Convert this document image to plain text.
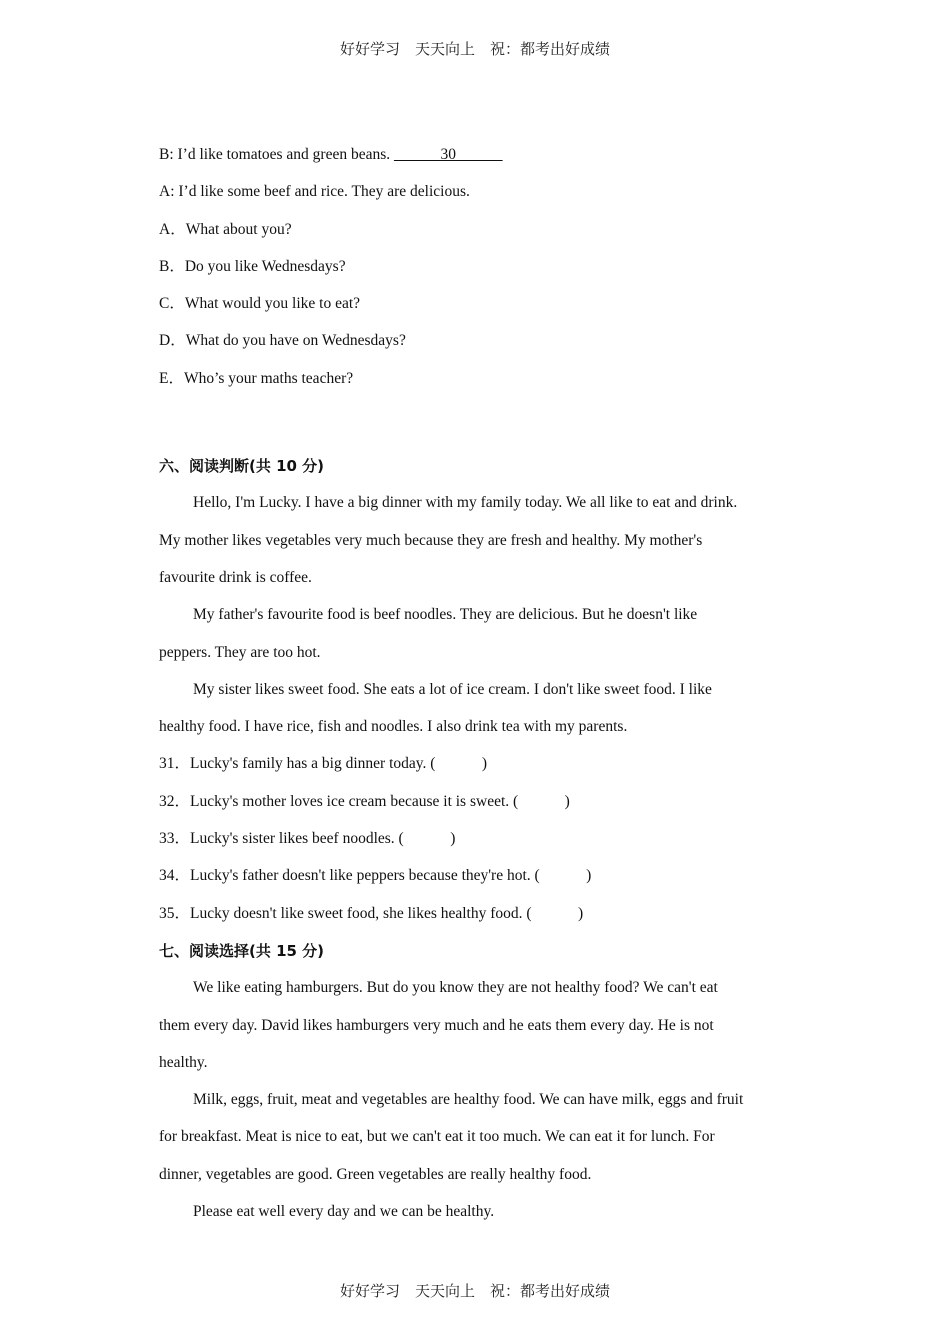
好好学习　天天向上　祝：都考出好成绩
B: I’d like tomatoes and green beans. ______30______
A: I’d like some beef and rice. They are delicious.
A．What about you?
B．Do you like Wednesdays?
C．What would you like to eat?
D．What do you have on Wednesdays?
E．Who’s your maths teacher?
六、阅读判断(共 10 分)
Hello, I'm Lucky. I have a big dinner with my family today. We all like to eat and drink.
My mother likes vegetables very much because they are fresh and healthy. My mother's
favourite drink is coffee.
My father's favourite food is beef noodles. They are delicious. But he doesn't like
peppers. They are too hot.
My sister likes sweet food. She eats a lot of ice cream. I don't like sweet food. I like
healthy food. I have rice, fish and noodles. I also drink tea with my parents.
31．Lucky's family has a big dinner today. (　　　)
32．Lucky's mother loves ice cream because it is sweet. (　　　)
33．Lucky's sister likes beef noodles. (　　　)
34．Lucky's father doesn't like peppers because they're hot. (　　　)
35．Lucky doesn't like sweet food, she likes healthy food. (　　　)
七、阅读选择(共 15 分)
We like eating hamburgers. But do you know they are not healthy food? We can't eat
them every day. David likes hamburgers very much and he eats them every day. He is not
healthy.
Milk, eggs, fruit, meat and vegetables are healthy food. We can have milk, eggs and fruit
for breakfast. Meat is nice to eat, but we can't eat it too much. We can eat it for lunch. For
dinner, vegetables are good. Green vegetables are really healthy food.
Please eat well every day and we can be healthy.
好好学习　天天向上　祝：都考出好成绩
